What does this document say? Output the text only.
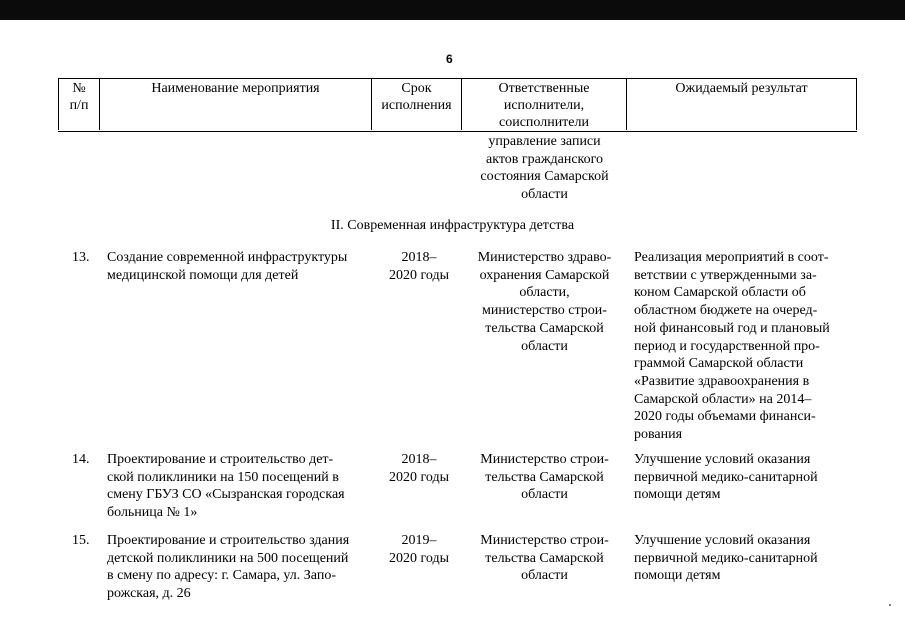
6
№
п/п
Наименование мероприятия	Срок
исполнения
Ответственные
исполнители,
соисполнители
Ожидаемый результат
управление записи
актов гражданского
состояния Самарской
области
II. Современная инфраструктура детства
13. Создание современной инфраструктуры
медицинской помощи для детей
2018–
2020 годы
Министерство здраво-
охранения Самарской
области,
министерство строи-
тельства Самарской
области
Реализация мероприятий в соот-
ветствии с утвержденными за-
коном Самарской области об
областном бюджете на очеред-
ной финансовый год и плановый
период и государственной про-
граммой Самарской области
«Развитие здравоохранения в
Самарской области» на 2014–
2020 годы объемами финанси-
рования
14. Проектирование и строительство дет-
ской поликлиники на 150 посещений в
смену ГБУЗ СО «Сызранская городская
больница № 1»
2018–
2020 годы
Министерство строи-
тельства Самарской
области
Улучшение условий оказания
первичной медико-санитарной
помощи детям
15. Проектирование и строительство здания
детской поликлиники на 500 посещений
в смену по адресу: г. Самара, ул. Запо-
рожская, д. 26
2019–
2020 годы
Министерство строи-
тельства Самарской
области
Улучшение условий оказания
первичной медико-санитарной
помощи детям
